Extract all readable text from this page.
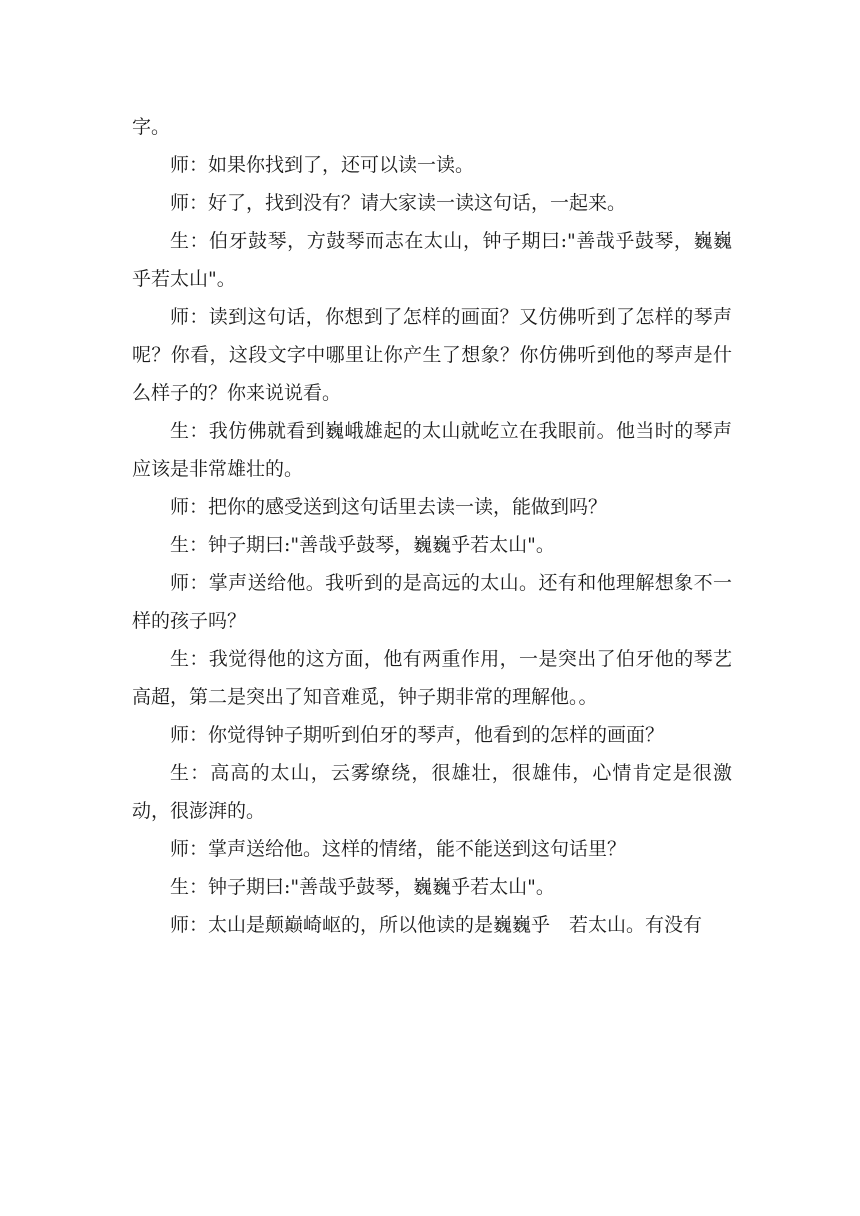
字。

师：如果你找到了，还可以读一读。

师：好了，找到没有？请大家读一读这句话，一起来。

生：伯牙鼓琴，方鼓琴而志在太山，钟子期曰:"善哉乎鼓琴，巍巍乎若太山"。

师：读到这句话，你想到了怎样的画面？又仿佛听到了怎样的琴声呢？你看，这段文字中哪里让你产生了想象？你仿佛听到他的琴声是什么样子的？你来说说看。

生：我仿佛就看到巍峨雄起的太山就屹立在我眼前。他当时的琴声应该是非常雄壮的。

师：把你的感受送到这句话里去读一读，能做到吗？

生：钟子期曰:"善哉乎鼓琴，巍巍乎若太山"。

师：掌声送给他。我听到的是高远的太山。还有和他理解想象不一样的孩子吗？

生：我觉得他的这方面，他有两重作用，一是突出了伯牙他的琴艺高超，第二是突出了知音难觅，钟子期非常的理解他。。

师：你觉得钟子期听到伯牙的琴声，他看到的怎样的画面？

生：高高的太山，云雾缭绕，很雄壮，很雄伟，心情肯定是很激动，很澎湃的。

师：掌声送给他。这样的情绪，能不能送到这句话里？

生：钟子期曰:"善哉乎鼓琴，巍巍乎若太山"。

师：太山是颠巅崎岖的，所以他读的是巍巍乎　若太山。有没有
